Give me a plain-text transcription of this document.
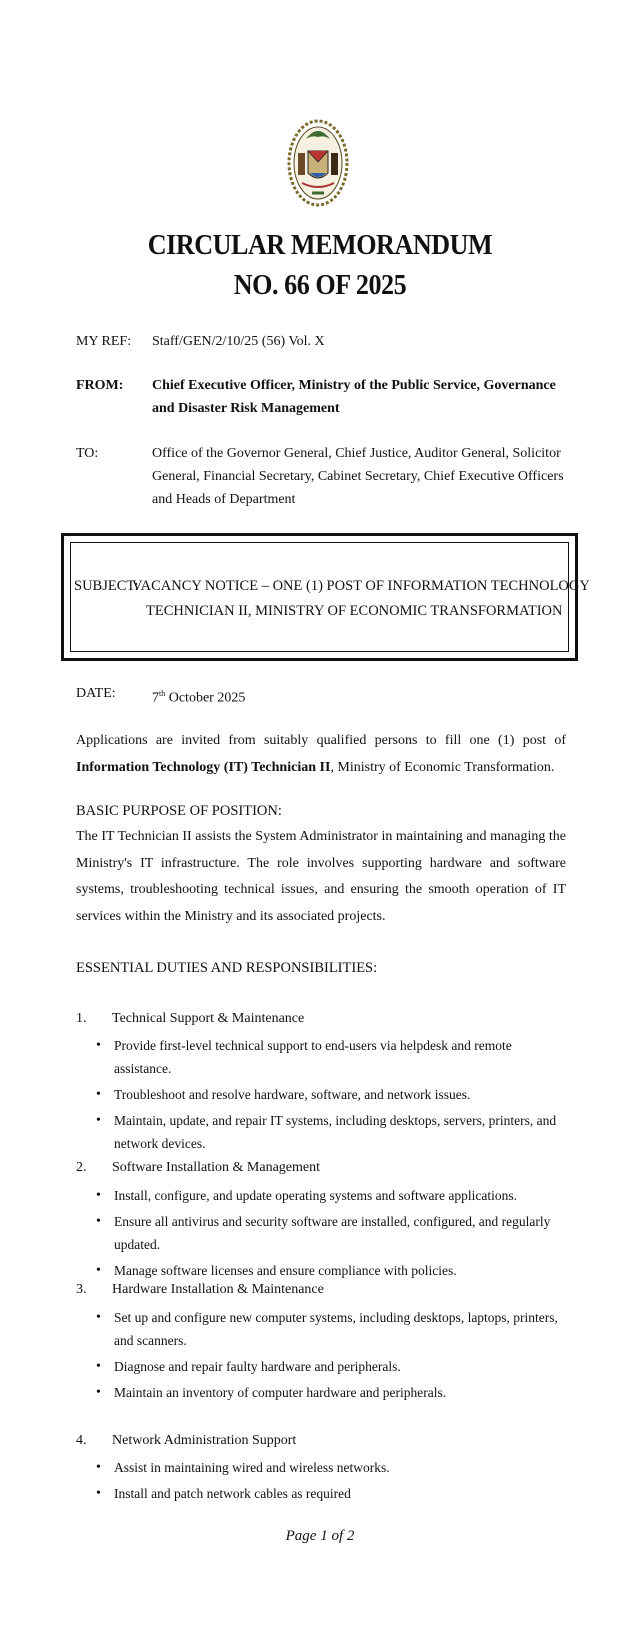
CIRCULAR MEMORANDUM
NO. 66 OF 2025
MY REF: Staff/GEN/2/10/25 (56) Vol. X
FROM: Chief Executive Officer, Ministry of the Public Service, Governance and Disaster Risk Management
TO:	Office of the Governor General, Chief Justice, Auditor General, Solicitor General, Financial Secretary, Cabinet Secretary, Chief Executive Officers and Heads of Department
SUBJECT:
VACANCY NOTICE – ONE (1) POST OF INFORMATION TECHNOLOGY
TECHNICIAN II, MINISTRY OF ECONOMIC TRANSFORMATION
DATE:	7th October 2025
Applications are invited from suitably qualified persons to fill one (1) post of Information Technology (IT) Technician II, Ministry of Economic Transformation.
BASIC PURPOSE OF POSITION:
The IT Technician II assists the System Administrator in maintaining and managing the Ministry's IT infrastructure. The role involves supporting hardware and software systems, troubleshooting technical issues, and ensuring the smooth operation of IT services within the Ministry and its associated projects.
ESSENTIAL DUTIES AND RESPONSIBILITIES:
1. Technical Support & Maintenance
• Provide first-level technical support to end-users via helpdesk and remote assistance.
• Troubleshoot and resolve hardware, software, and network issues.
• Maintain, update, and repair IT systems, including desktops, servers, printers, and network devices.
2. Software Installation & Management
• Install, configure, and update operating systems and software applications.
• Ensure all antivirus and security software are installed, configured, and regularly updated.
• Manage software licenses and ensure compliance with policies.
3. Hardware Installation & Maintenance
• Set up and configure new computer systems, including desktops, laptops, printers, and scanners.
• Diagnose and repair faulty hardware and peripherals.
• Maintain an inventory of computer hardware and peripherals.
4. Network Administration Support
• Assist in maintaining wired and wireless networks.
• Install and patch network cables as required
Page 1 of 2
